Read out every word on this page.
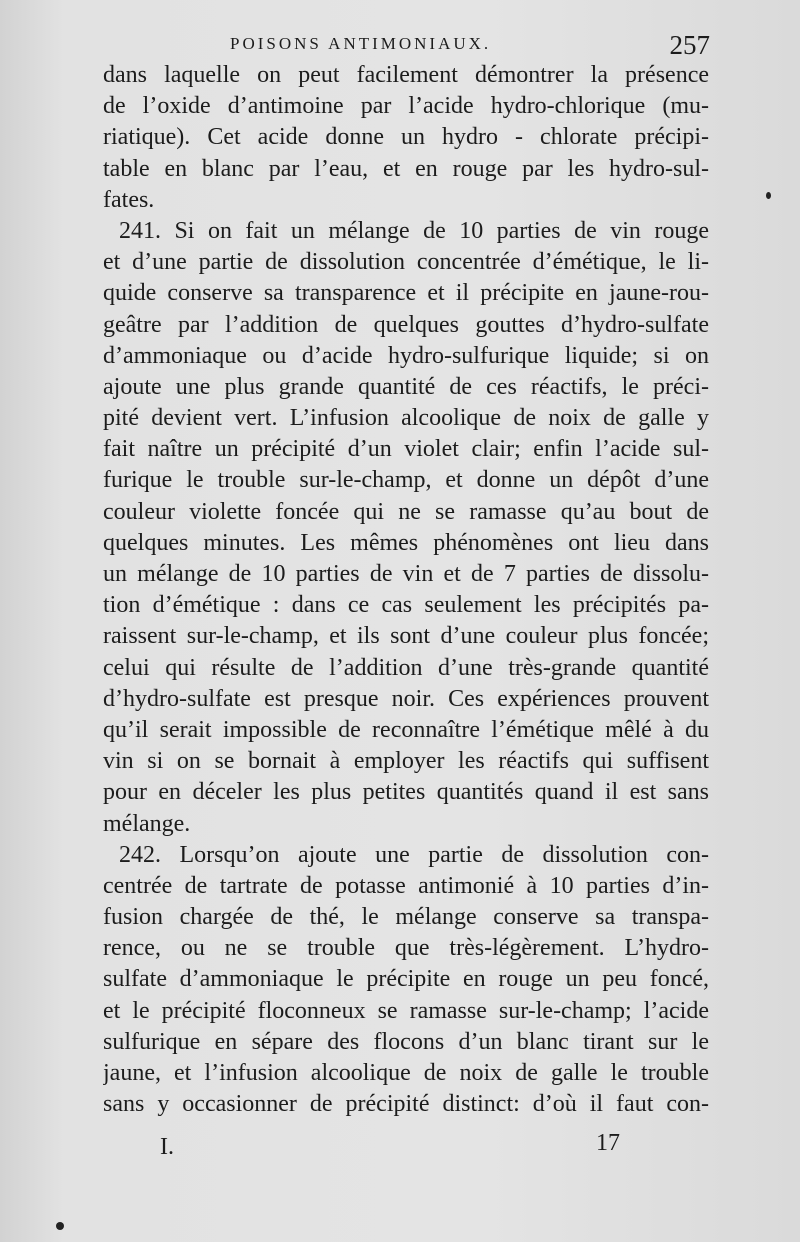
POISONS ANTIMONIAUX.	257
dans laquelle on peut facilement démontrer la présence
de l’oxide d’antimoine par l’acide hydro-chlorique (mu-
riatique). Cet acide donne un hydro - chlorate précipi-
table en blanc par l’eau, et en rouge par les hydro-sul-
fates.
241. Si on fait un mélange de 10 parties de vin rouge
et d’une partie de dissolution concentrée d’émétique, le li-
quide conserve sa transparence et il précipite en jaune-rou-
geâtre par l’addition de quelques gouttes d’hydro-sulfate
d’ammoniaque ou d’acide hydro-sulfurique liquide; si on
ajoute une plus grande quantité de ces réactifs, le préci-
pité devient vert. L’infusion alcoolique de noix de galle y
fait naître un précipité d’un violet clair; enfin l’acide sul-
furique le trouble sur-le-champ, et donne un dépôt d’une
couleur violette foncée qui ne se ramasse qu’au bout de
quelques minutes. Les mêmes phénomènes ont lieu dans
un mélange de 10 parties de vin et de 7 parties de dissolu-
tion d’émétique : dans ce cas seulement les précipités pa-
raissent sur-le-champ, et ils sont d’une couleur plus foncée;
celui qui résulte de l’addition d’une très-grande quantité
d’hydro-sulfate est presque noir. Ces expériences prouvent
qu’il serait impossible de reconnaître l’émétique mêlé à du
vin si on se bornait à employer les réactifs qui suffisent
pour en déceler les plus petites quantités quand il est sans
mélange.
242. Lorsqu’on ajoute une partie de dissolution con-
centrée de tartrate de potasse antimonié à 10 parties d’in-
fusion chargée de thé, le mélange conserve sa transpa-
rence, ou ne se trouble que très-légèrement. L’hydro-
sulfate d’ammoniaque le précipite en rouge un peu foncé,
et le précipité floconneux se ramasse sur-le-champ; l’acide
sulfurique en sépare des flocons d’un blanc tirant sur le
jaune, et l’infusion alcoolique de noix de galle le trouble
sans y occasionner de précipité distinct: d’où il faut con-
I.	17
